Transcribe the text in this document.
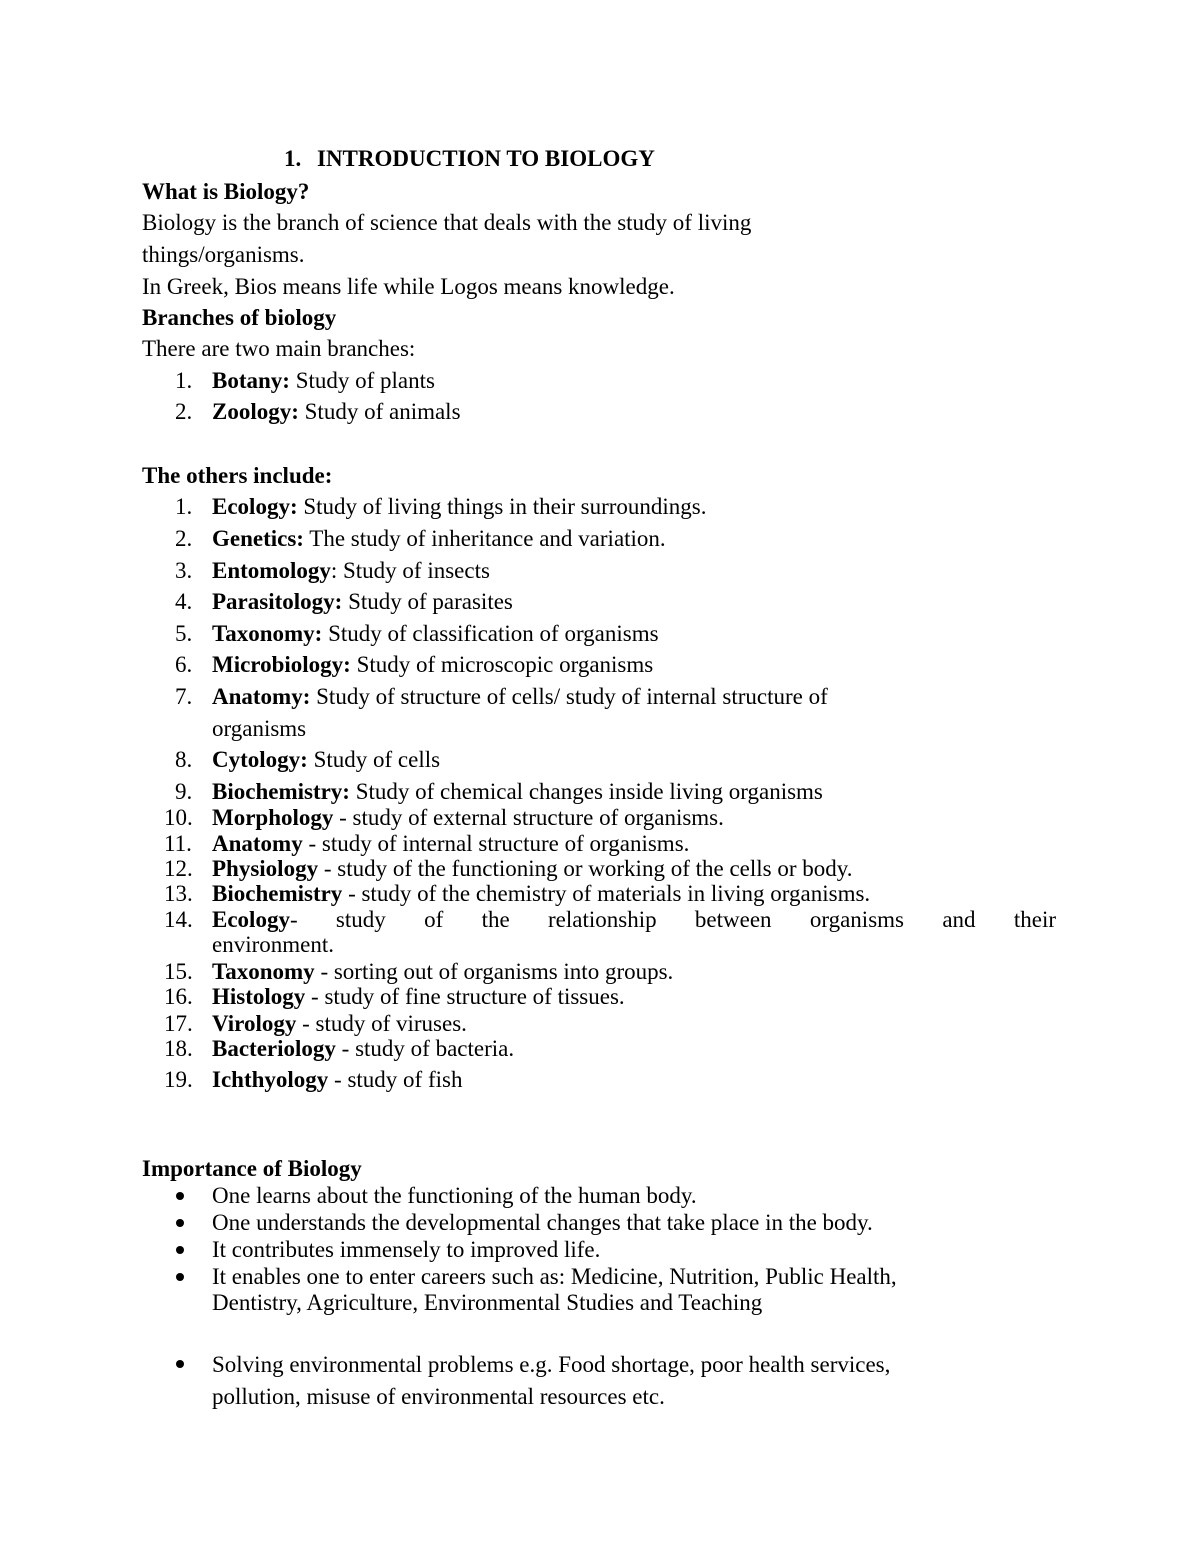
1. INTRODUCTION TO BIOLOGY
What is Biology?
Biology is the branch of science that deals with the study of living
things/organisms.
In Greek, Bios means life while Logos means knowledge.
Branches of biology
There are two main branches:
1. Botany: Study of plants
2. Zoology: Study of animals
The others include:
1. Ecology: Study of living things in their surroundings.
2. Genetics: The study of inheritance and variation.
3. Entomology: Study of insects
4. Parasitology: Study of parasites
5. Taxonomy: Study of classification of organisms
6. Microbiology: Study of microscopic organisms
7. Anatomy: Study of structure of cells/ study of internal structure of
organisms
8. Cytology: Study of cells
9. Biochemistry: Study of chemical changes inside living organisms
10. Morphology - study of external structure of organisms.
11. Anatomy - study of internal structure of organisms.
12. Physiology - study of the functioning or working of the cells or body.
13. Biochemistry - study of the chemistry of materials in living organisms.
14. Ecology- study of the relationship between organisms and their
environment.
15. Taxonomy - sorting out of organisms into groups.
16. Histology - study of fine structure of tissues.
17. Virology - study of viruses.
18. Bacteriology - study of bacteria.
19. Ichthyology - study of fish
Importance of Biology
One learns about the functioning of the human body.
One understands the developmental changes that take place in the body.
It contributes immensely to improved life.
It enables one to enter careers such as: Medicine, Nutrition, Public Health,
Dentistry, Agriculture, Environmental Studies and Teaching
Solving environmental problems e.g. Food shortage, poor health services,
pollution, misuse of environmental resources etc.
